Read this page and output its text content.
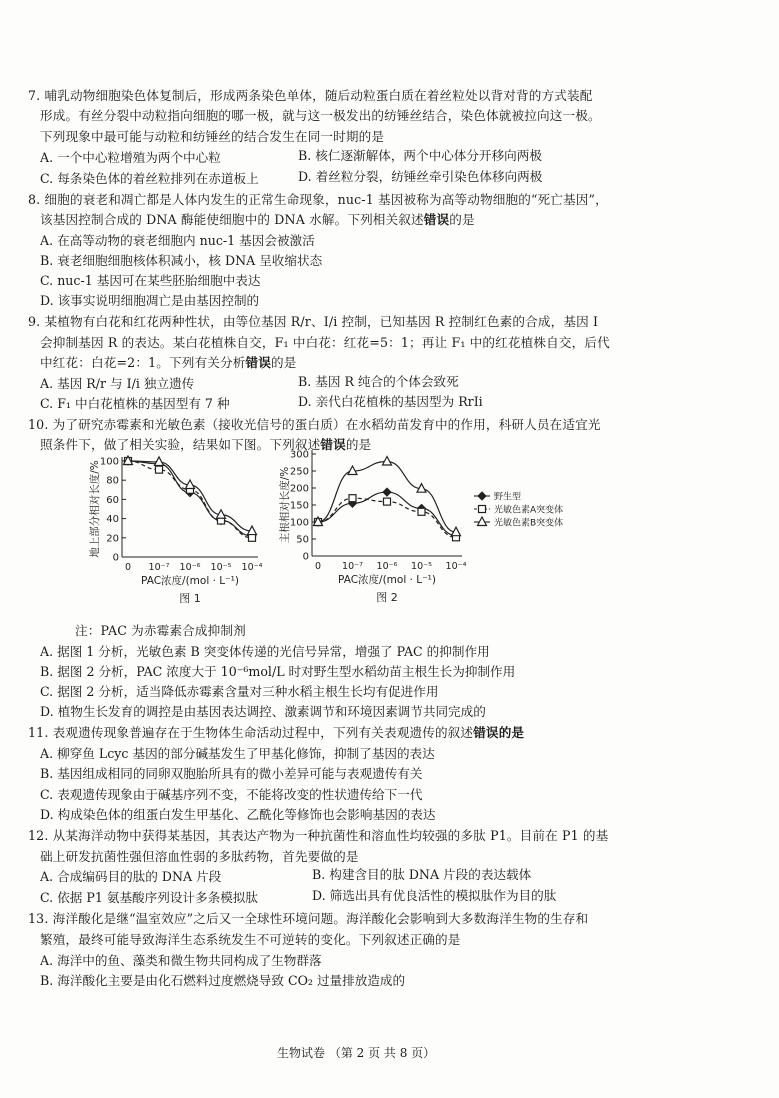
7. 哺乳动物细胞染色体复制后，形成两条染色单体，随后动粒蛋白质在着丝粒处以背对背的方式装配
形成。有丝分裂中动粒指向细胞的哪一极，就与这一极发出的纺锤丝结合，染色体就被拉向这一极。
下列现象中最可能与动粒和纺锤丝的结合发生在同一时期的是
A. 一个中心粒增殖为两个中心粒	B. 核仁逐渐解体，两个中心体分开移向两极
C. 每条染色体的着丝粒排列在赤道板上	D. 着丝粒分裂，纺锤丝牵引染色体移向两极
8. 细胞的衰老和凋亡都是人体内发生的正常生命现象，nuc-1 基因被称为高等动物细胞的“死亡基因”，
该基因控制合成的 DNA 酶能使细胞中的 DNA 水解。下列相关叙述错误的是
A. 在高等动物的衰老细胞内 nuc-1 基因会被激活
B. 衰老细胞细胞核体积减小，核 DNA 呈收缩状态
C. nuc-1 基因可在某些胚胎细胞中表达
D. 该事实说明细胞凋亡是由基因控制的
9. 某植物有白花和红花两种性状，由等位基因 R/r、I/i 控制，已知基因 R 控制红色素的合成，基因 I
会抑制基因 R 的表达。某白花植株自交，F₁ 中白花：红花=5：1；再让 F₁ 中的红花植株自交，后代
中红花：白花=2：1。下列有关分析错误的是
A. 基因 R/r 与 I/i 独立遗传	B. 基因 R 纯合的个体会致死
C. F₁ 中白花植株的基因型有 7 种	D. 亲代白花植株的基因型为 RrIi
10. 为了研究赤霉素和光敏色素（接收光信号的蛋白质）在水稻幼苗发育中的作用，科研人员在适宜光
照条件下，做了相关实验，结果如下图。下列叙述错误的是
0
20
40
60
80
100
0 10⁻⁷ 10⁻⁶ 10⁻⁵ 10⁻⁴
PAC浓度/(mol · L⁻¹)
地上部分相对长度/%
图 1
0
50
100
150
200
250
300
0 10⁻⁷ 10⁻⁶ 10⁻⁵ 10⁻⁴
PAC浓度/(mol · L⁻¹)
主根相对长度/%
图 2
野生型
光敏色素A突变体
光敏色素B突变体
注：PAC 为赤霉素合成抑制剂
A. 据图 1 分析，光敏色素 B 突变体传递的光信号异常，增强了 PAC 的抑制作用
B. 据图 2 分析，PAC 浓度大于 10⁻⁶mol/L 时对野生型水稻幼苗主根生长为抑制作用
C. 据图 2 分析，适当降低赤霉素含量对三种水稻主根生长均有促进作用
D. 植物生长发育的调控是由基因表达调控、激素调节和环境因素调节共同完成的
11. 表观遗传现象普遍存在于生物体生命活动过程中，下列有关表观遗传的叙述错误的是
A. 柳穿鱼 Lcyc 基因的部分碱基发生了甲基化修饰，抑制了基因的表达
B. 基因组成相同的同卵双胞胎所具有的微小差异可能与表观遗传有关
C. 表观遗传现象由于碱基序列不变，不能将改变的性状遗传给下一代
D. 构成染色体的组蛋白发生甲基化、乙酰化等修饰也会影响基因的表达
12. 从某海洋动物中获得某基因，其表达产物为一种抗菌性和溶血性均较强的多肽 P1。目前在 P1 的基
础上研发抗菌性强但溶血性弱的多肽药物，首先要做的是
A. 合成编码目的肽的 DNA 片段	B. 构建含目的肽 DNA 片段的表达载体
C. 依据 P1 氨基酸序列设计多条模拟肽	D. 筛选出具有优良活性的模拟肽作为目的肽
13. 海洋酸化是继“温室效应”之后又一全球性环境问题。海洋酸化会影响到大多数海洋生物的生存和
繁殖，最终可能导致海洋生态系统发生不可逆转的变化。下列叙述正确的是
A. 海洋中的鱼、藻类和微生物共同构成了生物群落
B. 海洋酸化主要是由化石燃料过度燃烧导致 CO₂ 过量排放造成的
生物试卷 （第 2 页 共 8 页）
